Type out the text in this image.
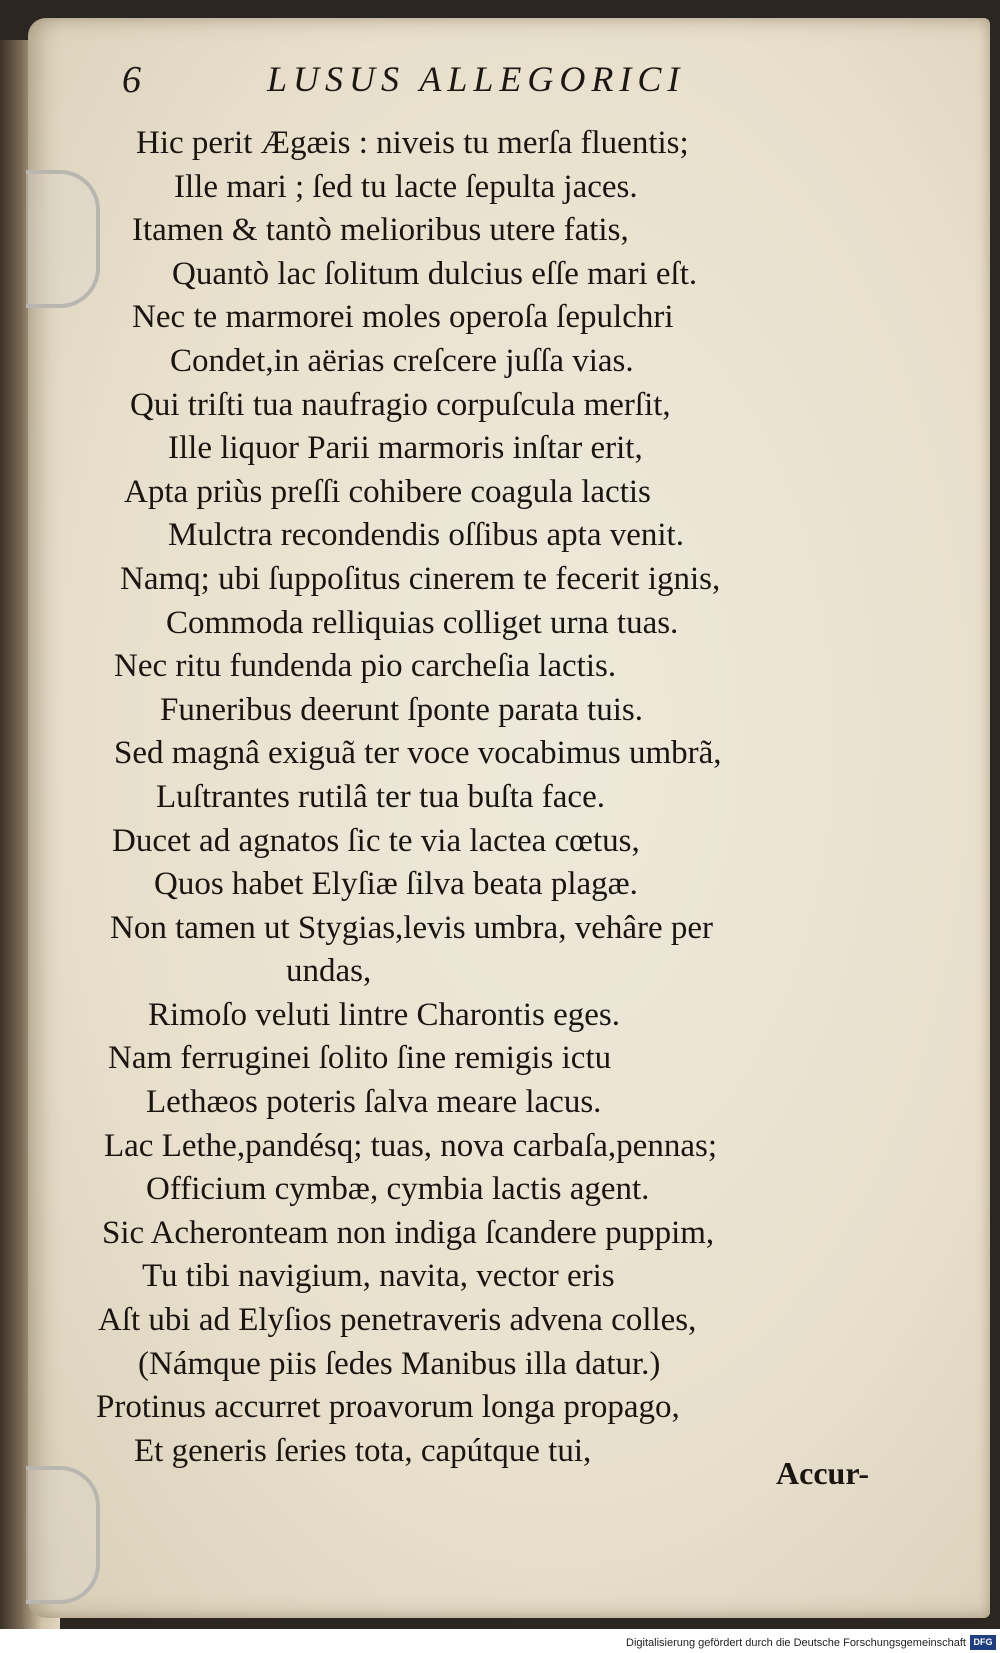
6	LUSUS ALLEGORICI
Hic perit Ægæis : niveis tu merſa fluentis;
Ille mari ; ſed tu lacte ſepulta jaces.
Itamen & tantò melioribus utere fatis,
Quantò lac ſolitum dulcius eſſe mari eſt.
Nec te marmorei moles operoſa ſepulchri
Condet,in aërias creſcere juſſa vias.
Qui triſti tua naufragio corpuſcula merſit,
Ille liquor Parii marmoris inſtar erit,
Apta priùs preſſi cohibere coagula lactis
Mulctra recondendis oſſibus apta venit.
Namq; ubi ſuppoſitus cinerem te fecerit ignis,
Commoda relliquias colliget urna tuas.
Nec ritu fundenda pio carcheſia lactis.
Funeribus deerunt ſponte parata tuis.
Sed magnâ exiguã ter voce vocabimus umbrã,
Luſtrantes rutilâ ter tua buſta face.
Ducet ad agnatos ſic te via lactea cœtus,
Quos habet Elyſiæ ſilva beata plagæ.
Non tamen ut Stygias,levis umbra, vehâre per
undas,
Rimoſo veluti lintre Charontis eges.
Nam ferruginei ſolito ſine remigis ictu
Lethæos poteris ſalva meare lacus.
Lac Lethe,pandésq; tuas, nova carbaſa,pennas;
Officium cymbæ, cymbia lactis agent.
Sic Acheronteam non indiga ſcandere puppim,
Tu tibi navigium, navita, vector eris
Aſt ubi ad Elyſios penetraveris advena colles,
(Námque piis ſedes Manibus illa datur.)
Protinus accurret proavorum longa propago,
Et generis ſeries tota, capútque tui,
Accur-
Digitalisierung gefördert durch die Deutsche Forschungsgemeinschaft DFG
